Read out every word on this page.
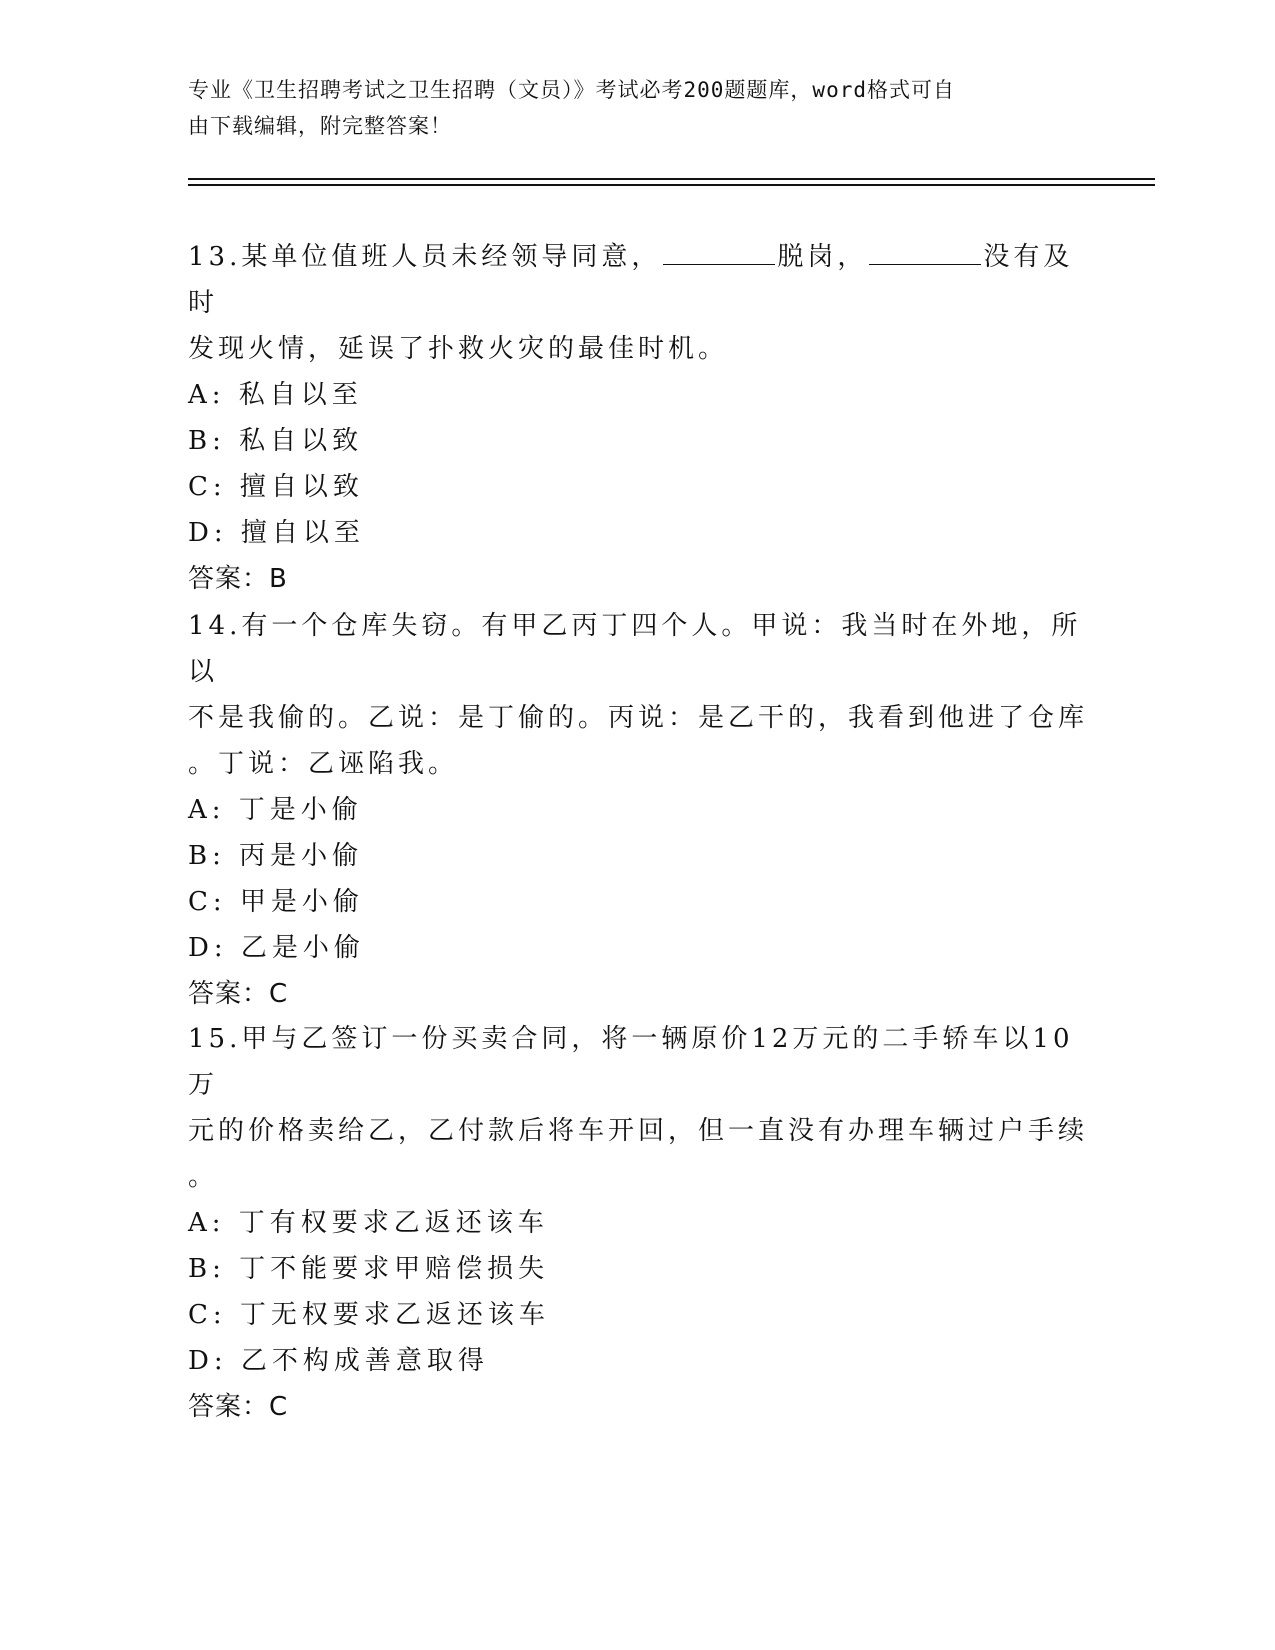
专业《卫生招聘考试之卫生招聘（文员）》考试必考200题题库，word格式可自
由下载编辑，附完整答案！

13.某单位值班人员未经领导同意，	脱岗，	没有及时

发现火情，延误了扑救火灾的最佳时机。

A: 私自以至

B: 私自以致

C: 擅自以致

D: 擅自以至

答案：B

14.有一个仓库失窃。有甲乙丙丁四个人。甲说：我当时在外地，所以

不是我偷的。乙说：是丁偷的。丙说：是乙干的，我看到他进了仓库

。丁说：乙诬陷我。

A: 丁是小偷

B: 丙是小偷

C: 甲是小偷

D: 乙是小偷

答案：C

15.甲与乙签订一份买卖合同，将一辆原价12万元的二手轿车以10万

元的价格卖给乙，乙付款后将车开回，但一直没有办理车辆过户手续

。

A: 丁有权要求乙返还该车

B: 丁不能要求甲赔偿损失

C: 丁无权要求乙返还该车

D: 乙不构成善意取得

答案：C
